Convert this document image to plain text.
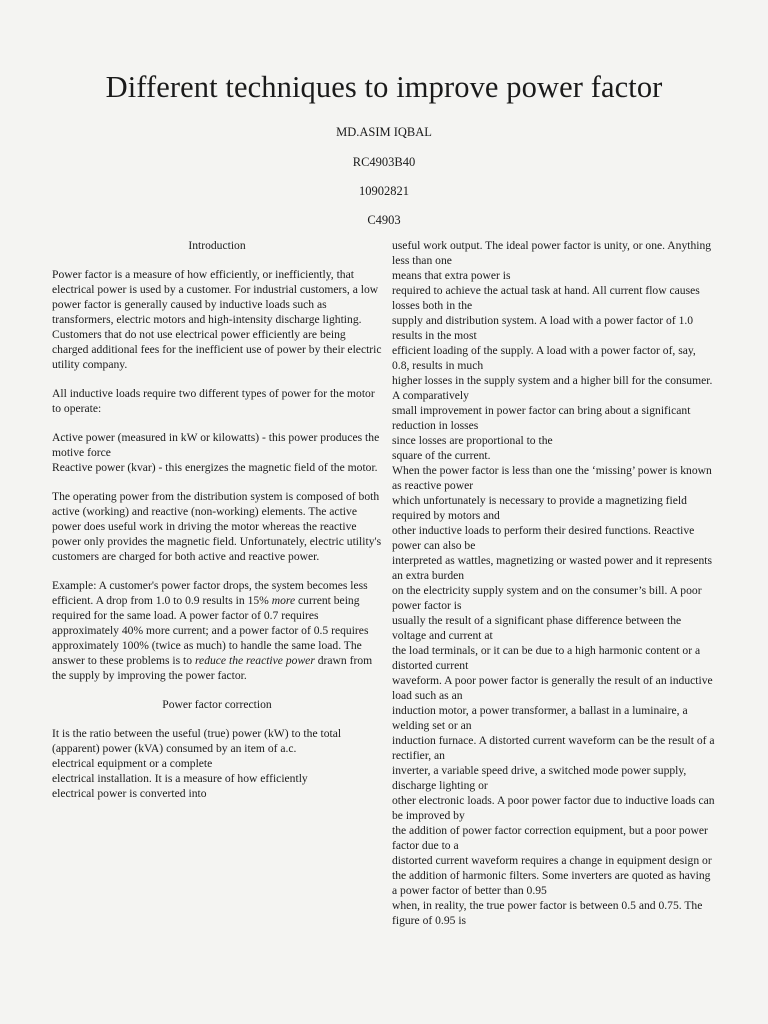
Different techniques to improve power factor

MD.ASIM IQBAL

RC4903B40

10902821

C4903

Introduction

Power factor is a measure of how efficiently, or inefficiently, that electrical power is used by a customer. For industrial customers, a low power factor is generally caused by inductive loads such as transformers, electric motors and high-intensity discharge lighting. Customers that do not use electrical power efficiently are being charged additional fees for the inefficient use of power by their electric utility company.

All inductive loads require two different types of power for the motor to operate:

Active power (measured in kW or kilowatts) - this power produces the motive force

Reactive power (kvar) - this energizes the magnetic field of the motor.

The operating power from the distribution system is composed of both active (working) and reactive (non-working) elements. The active power does useful work in driving the motor whereas the reactive power only provides the magnetic field. Unfortunately, electric utility's customers are charged for both active and reactive power.

Example: A customer's power factor drops, the system becomes less efficient. A drop from 1.0 to 0.9 results in 15% more current being required for the same load. A power factor of 0.7 requires approximately 40% more current; and a power factor of 0.5 requires approximately 100% (twice as much) to handle the same load. The answer to these problems is to reduce the reactive power drawn from the supply by improving the power factor.

Power factor correction

It is the ratio between the useful (true) power (kW) to the total (apparent) power (kVA) consumed by an item of a.c.

electrical equipment or a complete

electrical installation. It is a measure of how efficiently

electrical power is converted into

useful work output. The ideal power factor is unity, or one. Anything less than one

means that extra power is

required to achieve the actual task at hand. All current flow causes losses both in the

supply and distribution system. A load with a power factor of 1.0 results in the most

efficient loading of the supply. A load with a power factor of, say, 0.8, results in much

higher losses in the supply system and a higher bill for the consumer. A comparatively

small improvement in power factor can bring about a significant reduction in losses

since losses are proportional to the

square of the current.

When the power factor is less than one the ‘missing’ power is known as reactive power

which unfortunately is necessary to provide a magnetizing field required by motors and

other inductive loads to perform their desired functions. Reactive power can also be

interpreted as wattles, magnetizing or wasted power and it represents an extra burden

on the electricity supply system and on the consumer’s bill. A poor power factor is

usually the result of a significant phase difference between the voltage and current at

the load terminals, or it can be due to a high harmonic content or a distorted current

waveform. A poor power factor is generally the result of an inductive load such as an

induction motor, a power transformer, a ballast in a luminaire, a welding set or an

induction furnace. A distorted current waveform can be the result of a rectifier, an

inverter, a variable speed drive, a switched mode power supply, discharge lighting or

other electronic loads. A poor power factor due to inductive loads can be improved by

the addition of power factor correction equipment, but a poor power factor due to a

distorted current waveform requires a change in equipment design or the addition of harmonic filters. Some inverters are quoted as having a power factor of better than 0.95

when, in reality, the true power factor is between 0.5 and 0.75. The figure of 0.95 is
